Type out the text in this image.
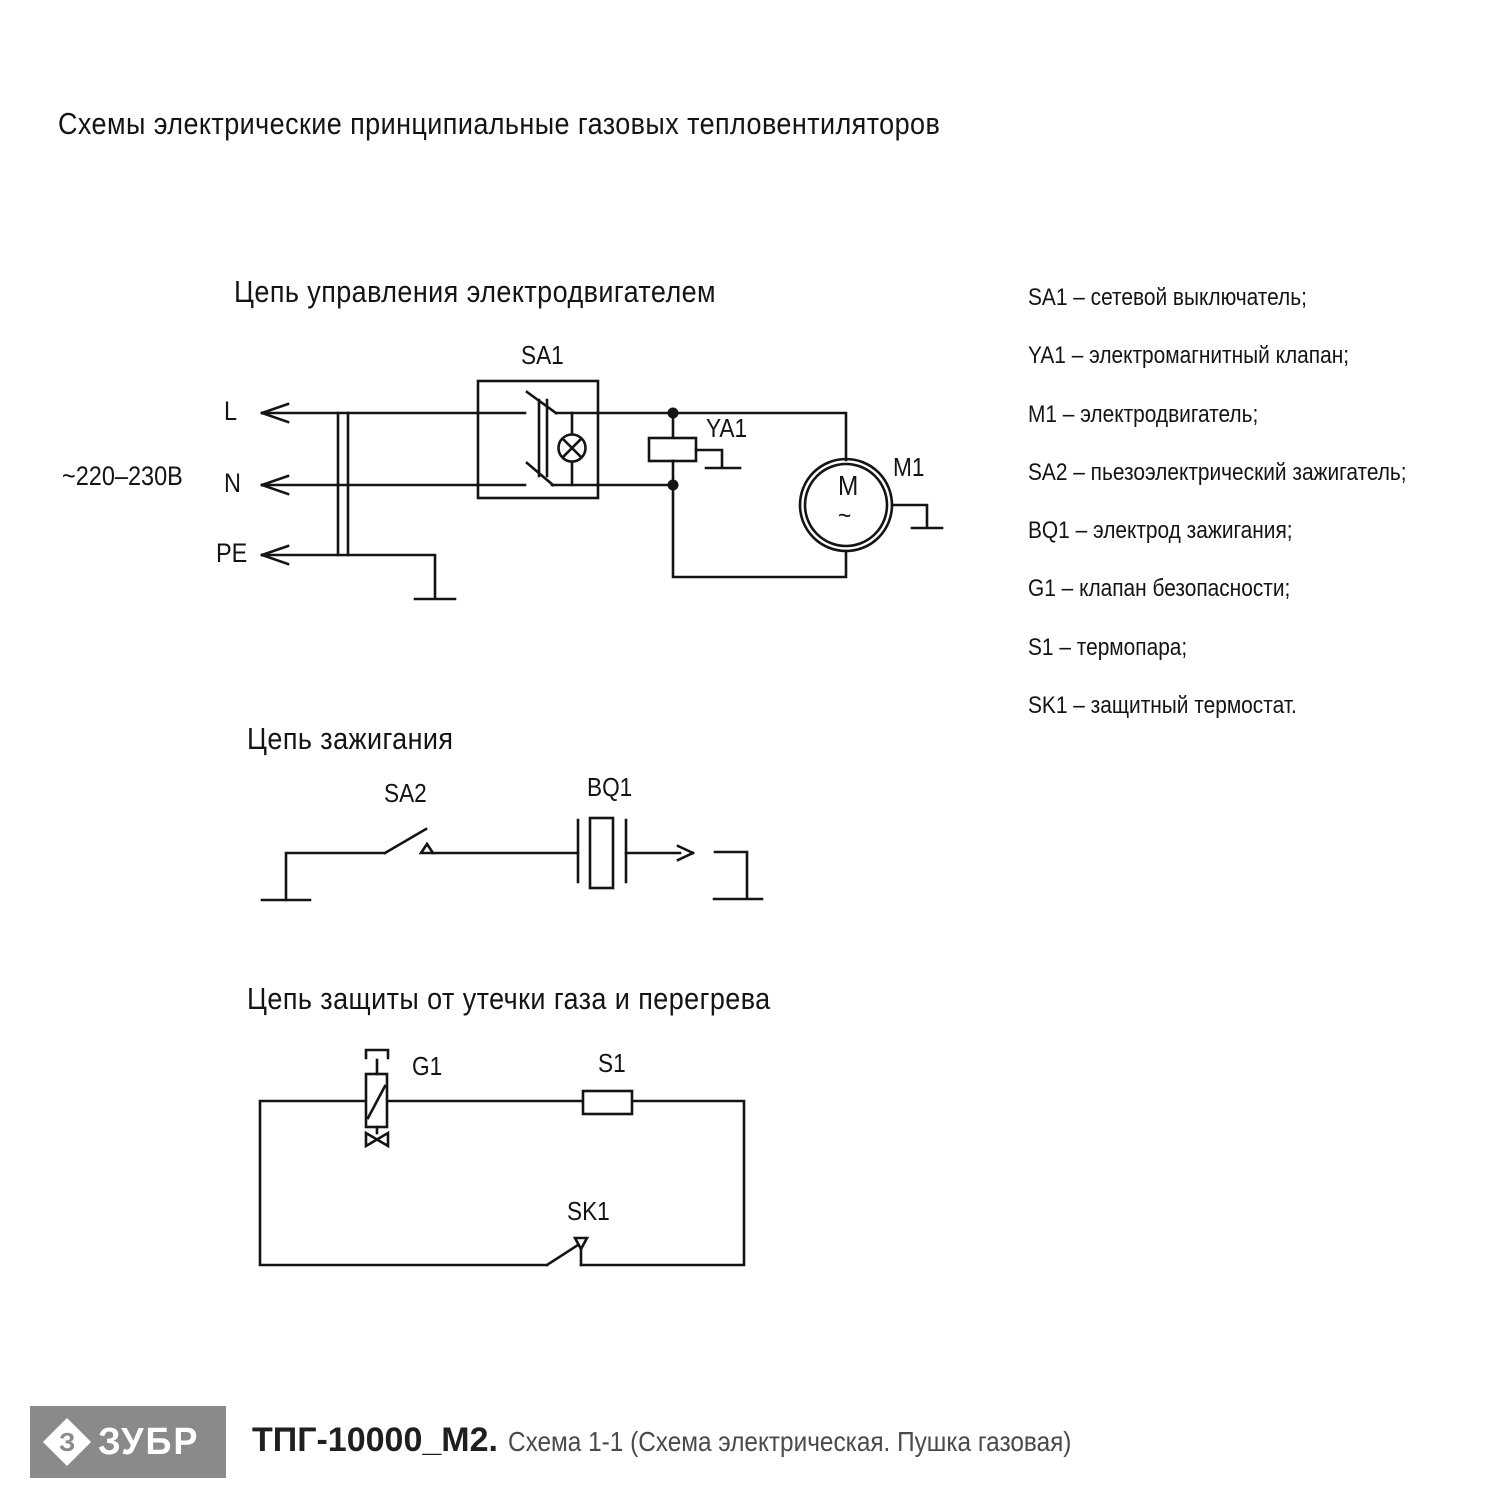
Схемы электрические принципиальные газовых тепловентиляторов
Цепь управления электродвигателем
~220–230В
L
N
PE
SA1
YA1
M1
M
~
Цепь зажигания
SA2	BQ1
Цепь защиты от утечки газа и перегрева
G1	S1
SK1
SA1 – сетевой выключатель;
YA1 – электромагнитный клапан;
M1 – электродвигатель;
SA2 – пьезоэлектрический зажигатель;
BQ1 – электрод зажигания;
G1 – клапан безопасности;
S1 – термопара;
SK1 – защитный термостат.
З ЗУБР ТПГ-10000_М2. Схема 1-1 (Схема электрическая. Пушка газовая)
